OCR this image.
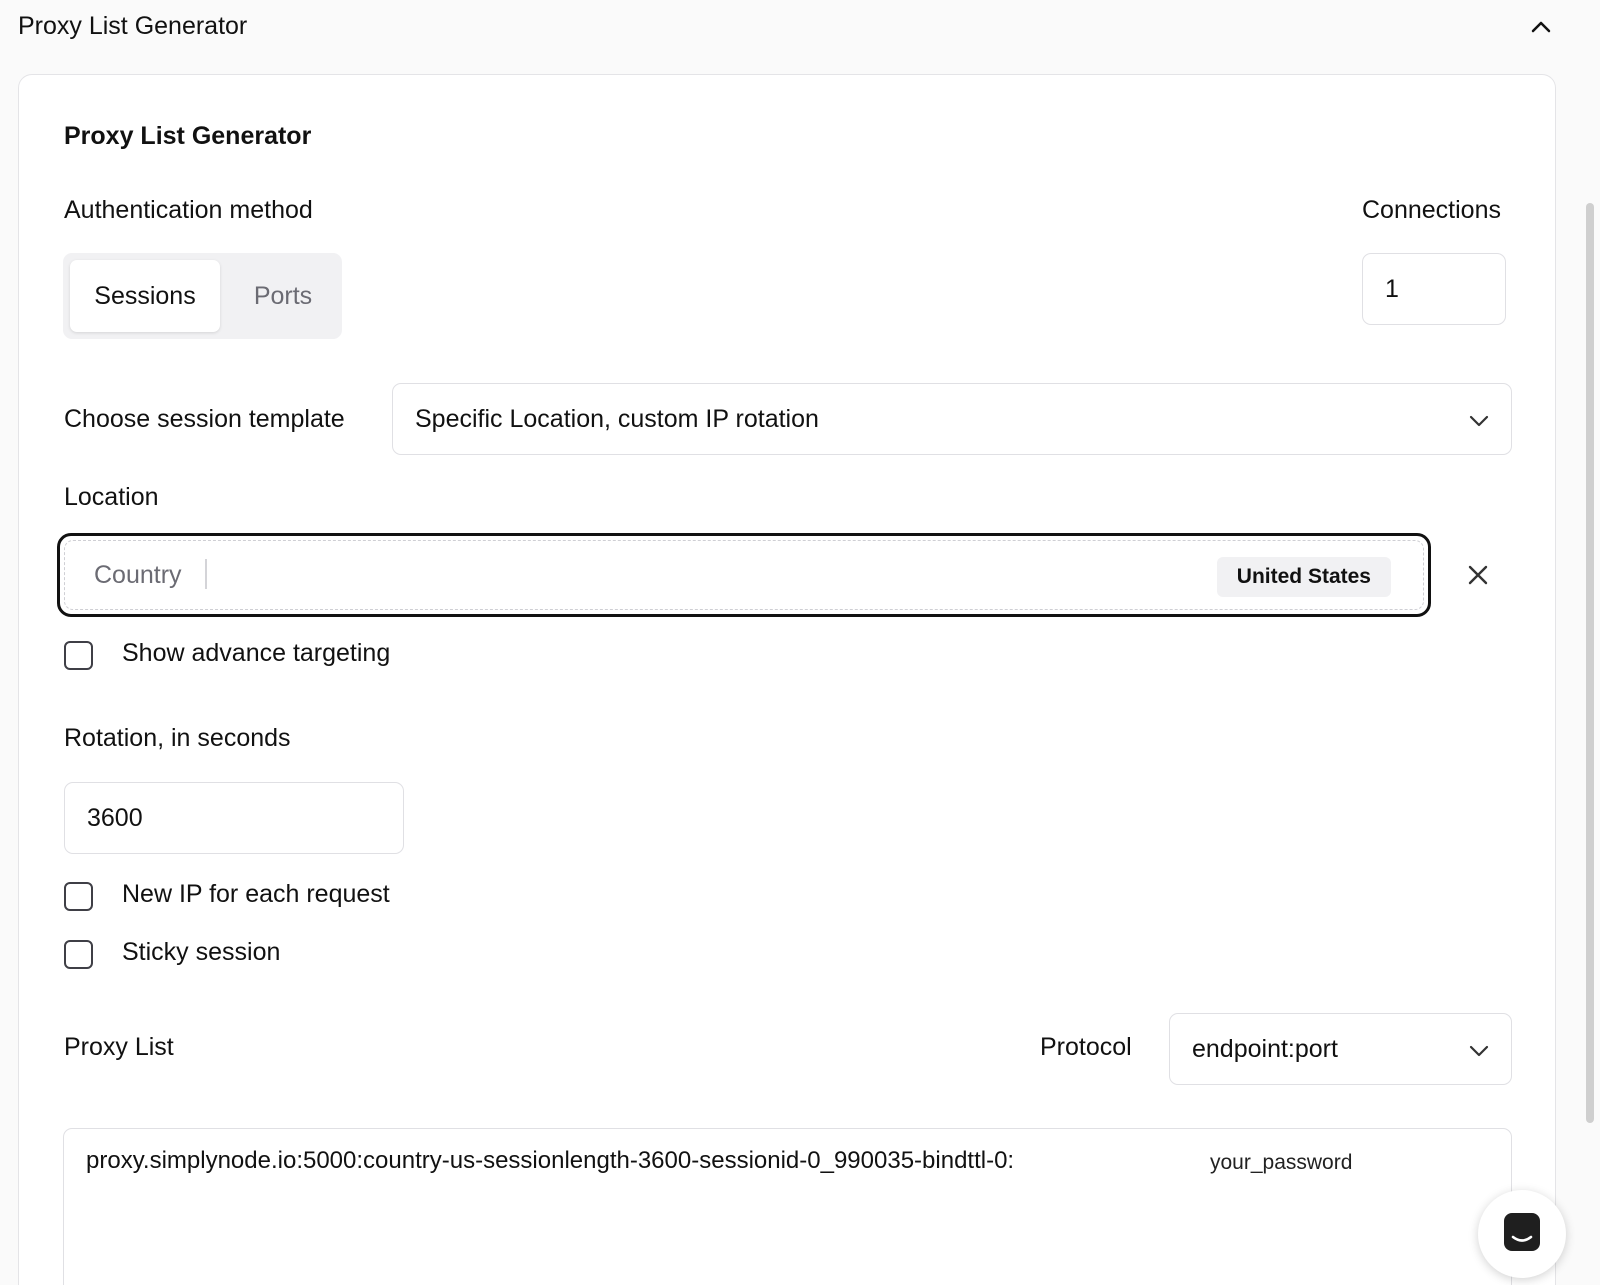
Proxy List Generator
Proxy List Generator
Authentication method
Sessions	Ports
Connections
1
Choose session template	Specific Location, custom IP rotation
Location
Country	United States
Show advance targeting
Rotation, in seconds
3600
New IP for each request
Sticky session
Proxy List	Protocol endpoint:port
proxy.simplynode.io:5000:country-us-sessionlength-3600-sessionid-0_990035-bindttl-0:	your_password
